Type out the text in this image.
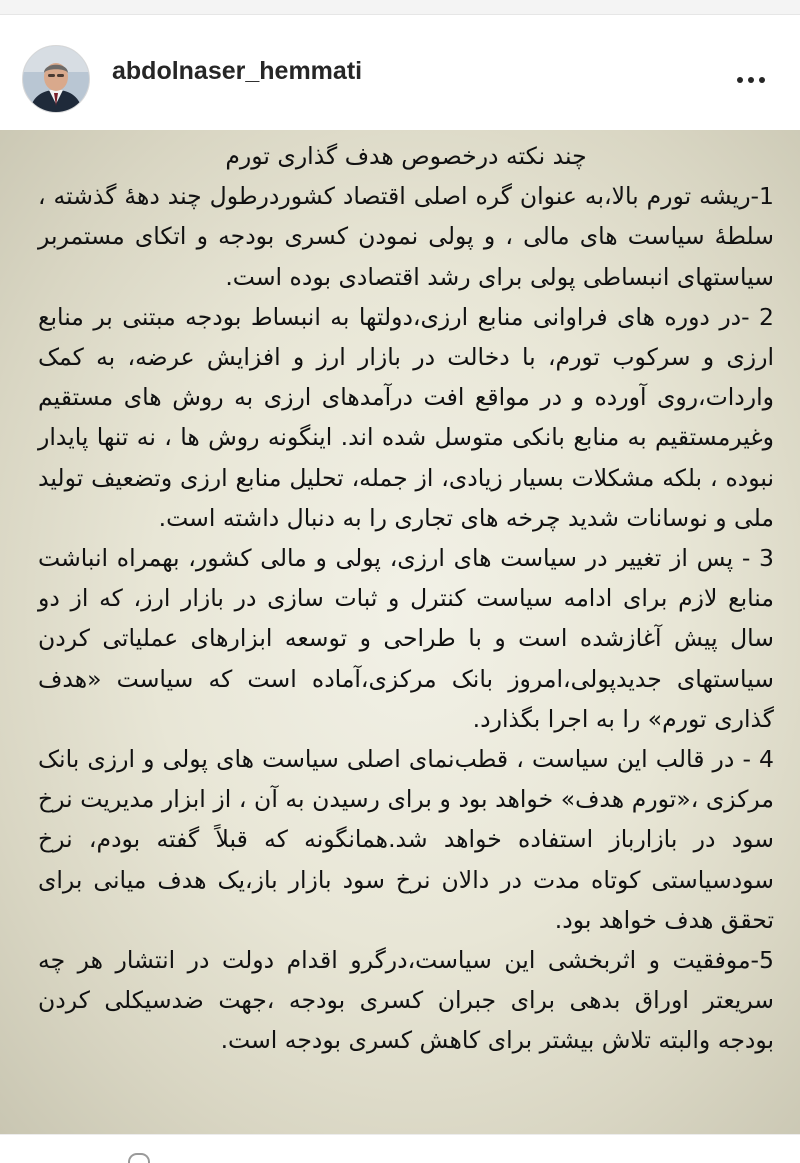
abdolnaser_hemmati

چند نکته درخصوص هدف گذاری تورم

1-ریشه تورم بالا،به عنوان گره اصلی اقتصاد کشوردرطول چند دهۀ گذشته ، سلطۀ سیاست های مالی ، و پولی نمودن کسری بودجه و اتکای مستمربر سیاستهای انبساطی پولی برای رشد اقتصادی بوده است.

2 -در دوره های فراوانی منابع ارزی،دولتها به انبساط بودجه مبتنی بر منابع ارزی و سرکوب تورم، با دخالت در بازار ارز و افزایش عرضه، به کمک واردات،روی آورده و در مواقع افت درآمدهای ارزی به روش های مستقیم وغیرمستقیم به منابع بانکی متوسل شده اند. اینگونه روش ها ، نه تنها پایدار نبوده ، بلکه مشکلات بسیار زیادی، از جمله، تحلیل منابع ارزی وتضعیف تولید ملی و نوسانات شدید چرخه های تجاری را به دنبال داشته است.

3 - پس از تغییر در سیاست های ارزی، پولی و مالی کشور، بهمراه انباشت منابع لازم برای ادامه سیاست کنترل و ثبات سازی در بازار ارز، که از دو سال پیش آغازشده است و با طراحی و توسعه ابزارهای عملیاتی کردن سیاستهای جدیدپولی،امروز بانک مرکزی،آماده است که سیاست «هدف گذاری تورم» را به اجرا بگذارد.

4 - در قالب این سیاست ، قطب‌نمای اصلی سیاست های پولی و ارزی بانک مرکزی ،«تورم هدف» خواهد بود و برای رسیدن به آن ، از ابزار مدیریت نرخ سود در بازارباز استفاده خواهد شد.همانگونه که قبلاً گفته بودم، نرخ سودسیاستی کوتاه مدت در دالان نرخ سود بازار باز،یک هدف میانی برای تحقق هدف خواهد بود.

5-موفقیت و اثربخشی این سیاست،درگرو اقدام دولت در انتشار هر چه سریعتر اوراق بدهی برای جبران کسری بودجه ،جهت ضدسیکلی کردن بودجه والبته تلاش بیشتر برای کاهش کسری بودجه است.
